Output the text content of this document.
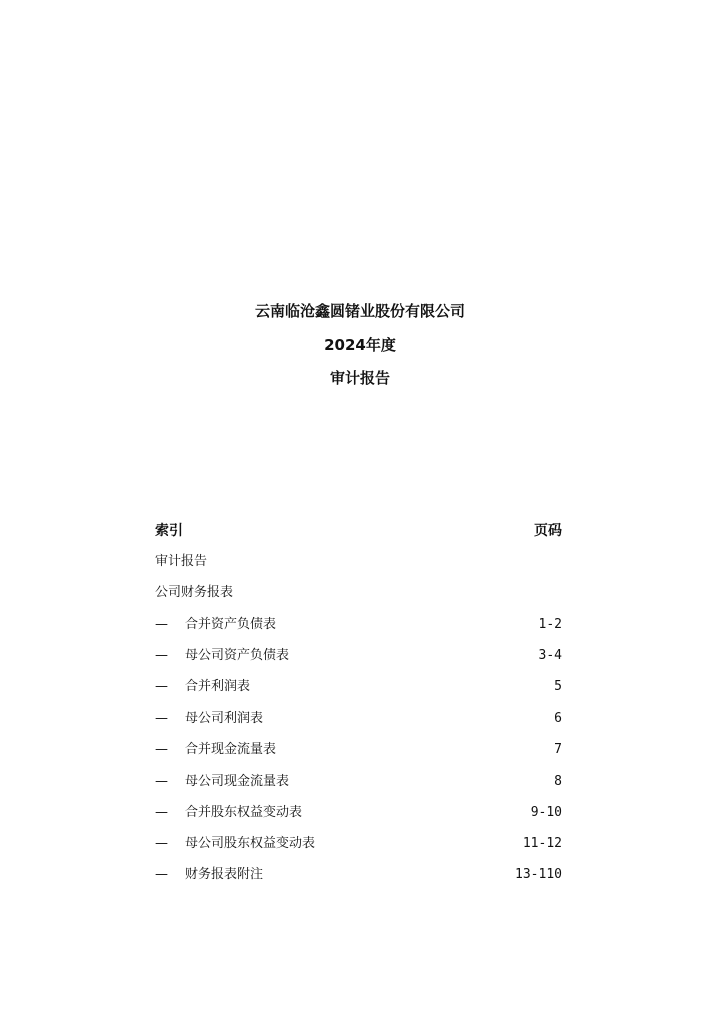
云南临沧鑫圆锗业股份有限公司
2024年度
审计报告
索引	页码
审计报告
公司财务报表
— 合并资产负债表	1-2
— 母公司资产负债表	3-4
— 合并利润表	5
— 母公司利润表	6
— 合并现金流量表	7
— 母公司现金流量表	8
— 合并股东权益变动表	9-10
— 母公司股东权益变动表	11-12
— 财务报表附注	13-110
